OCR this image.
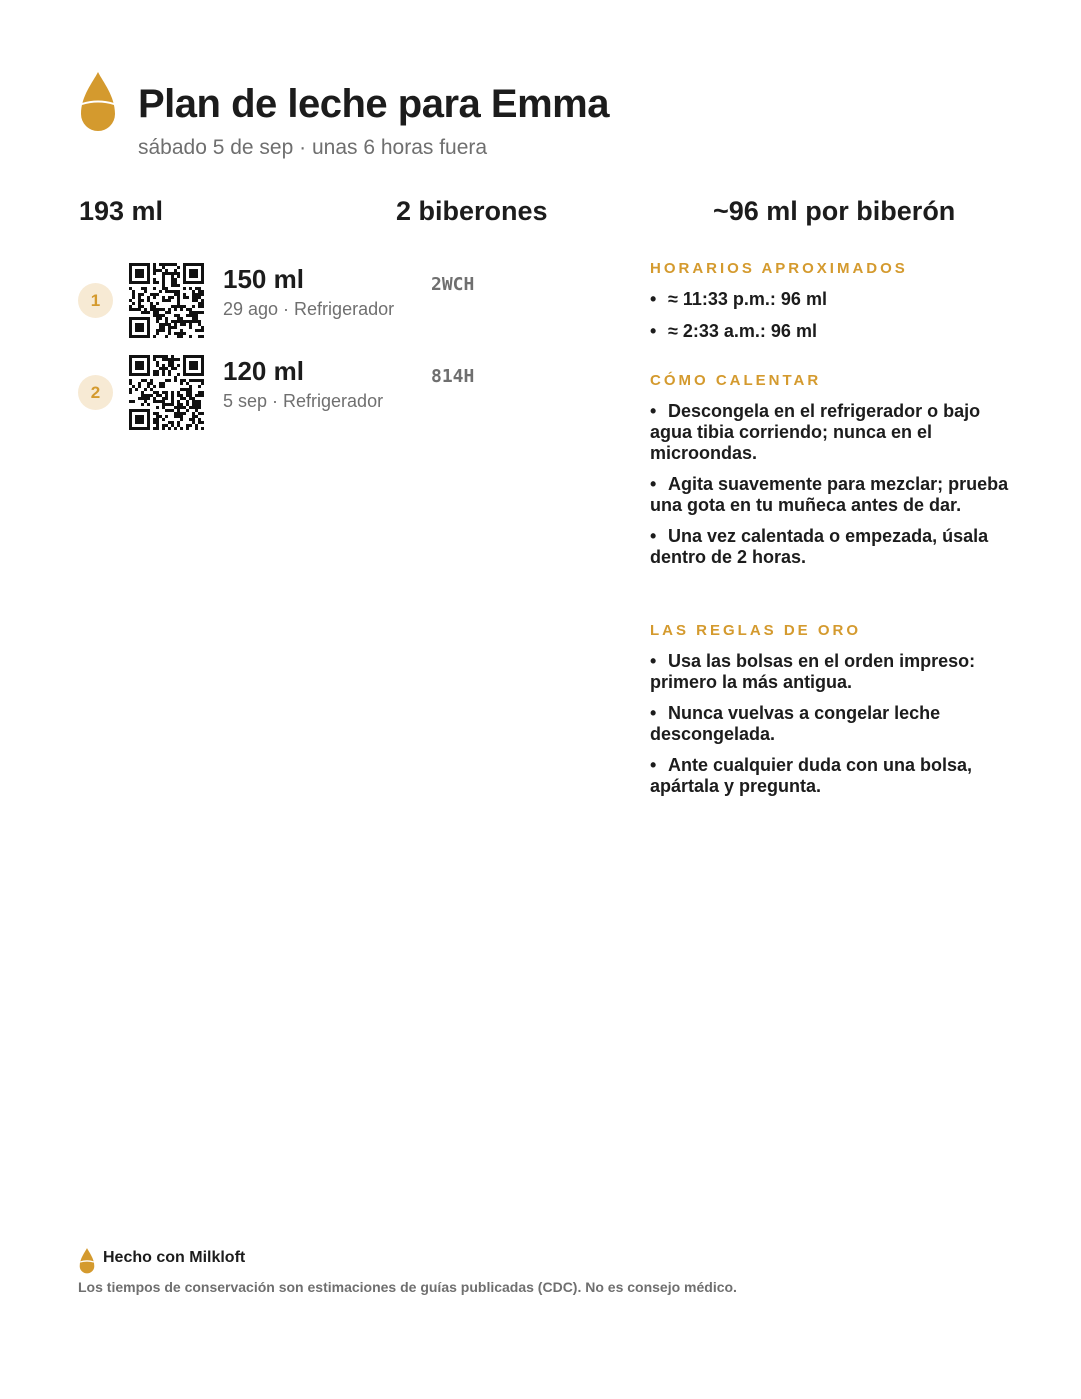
Plan de leche para Emma
sábado 5 de sep · unas 6 horas fuera
193 ml	2 biberones	~96 ml por biberón
1
150 ml
29 ago · Refrigerador
2WCH
2
120 ml
5 sep · Refrigerador
814H
HORARIOS APROXIMADOS
• ≈ 11:33 p.m.: 96 ml
• ≈ 2:33 a.m.: 96 ml
CÓMO CALENTAR
• Descongela en el refrigerador o bajo agua tibia corriendo; nunca en el microondas.
• Agita suavemente para mezclar; prueba una gota en tu muñeca antes de dar.
• Una vez calentada o empezada, úsala dentro de 2 horas.
LAS REGLAS DE ORO
• Usa las bolsas en el orden impreso: primero la más antigua.
• Nunca vuelvas a congelar leche descongelada.
• Ante cualquier duda con una bolsa, apártala y pregunta.
Hecho con Milkloft
Los tiempos de conservación son estimaciones de guías publicadas (CDC). No es consejo médico.
